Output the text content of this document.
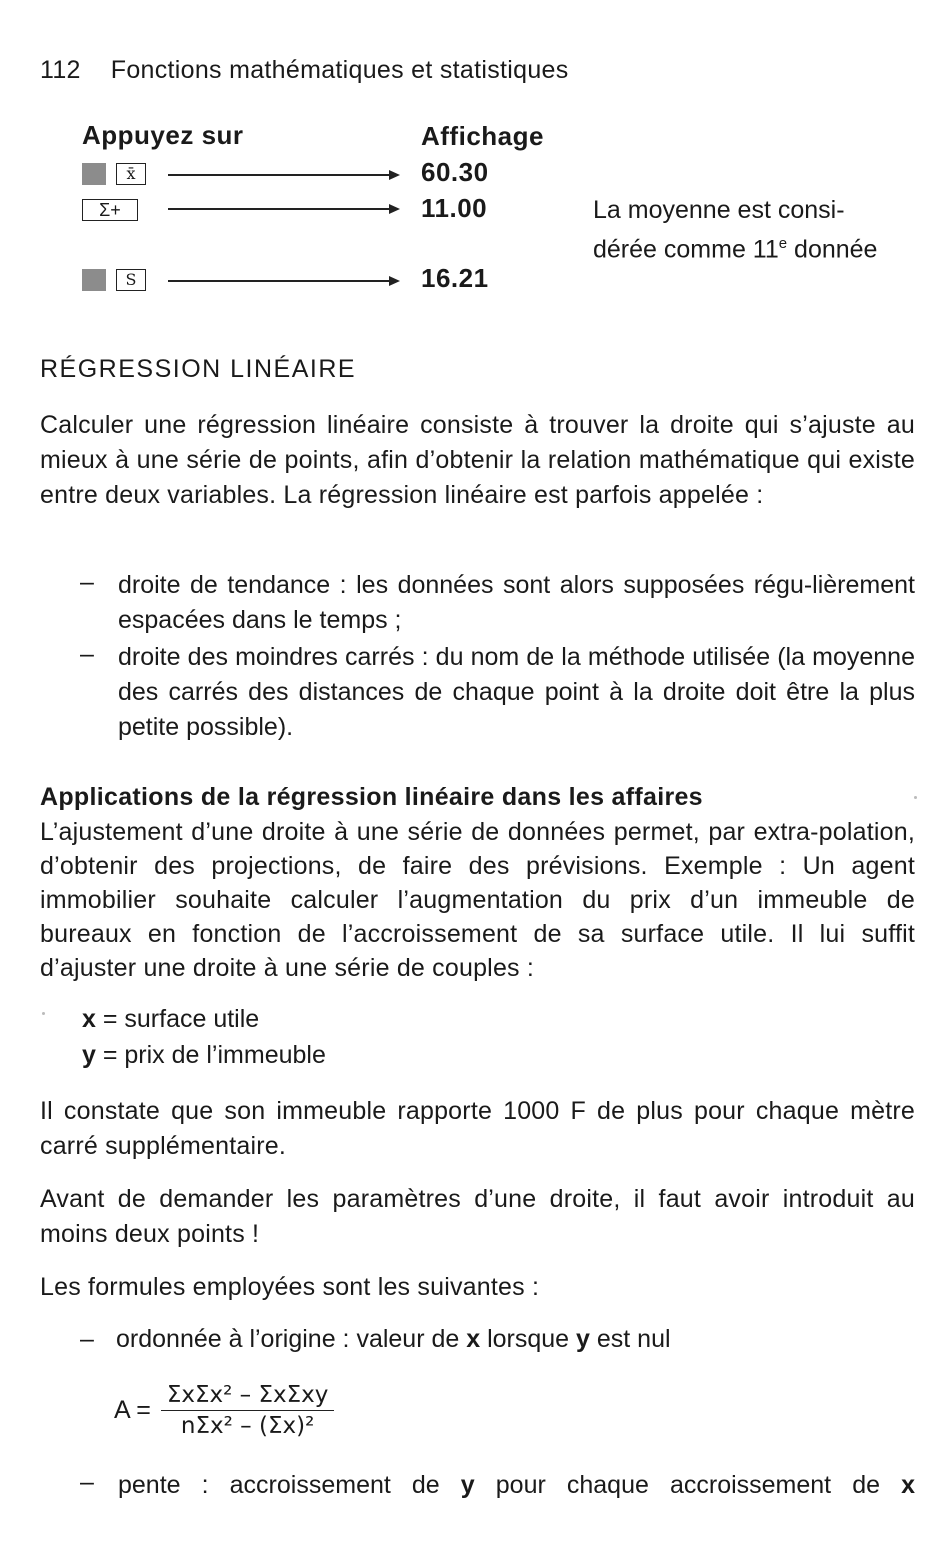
112 Fonctions mathématiques et statistiques
Appuyez sur	Affichage
x̄	60.30
Σ+	11.00	La moyenne est consi-
dérée comme 11e donnée
S	16.21
RÉGRESSION LINÉAIRE
Calculer une régression linéaire consiste à trouver la droite qui s’ajuste au mieux à une série de points, afin d’obtenir la relation mathématique qui existe entre deux variables. La régression linéaire est parfois appelée :
– droite de tendance : les données sont alors supposées régu-lièrement espacées dans le temps ;
– droite des moindres carrés : du nom de la méthode utilisée (la moyenne des carrés des distances de chaque point à la droite doit être la plus petite possible).
Applications de la régression linéaire dans les affaires
L’ajustement d’une droite à une série de données permet, par extra-polation, d’obtenir des projections, de faire des prévisions. Exemple : Un agent immobilier souhaite calculer l’augmentation du prix d’un immeuble de bureaux en fonction de l’accroissement de sa surface utile. Il lui suffit d’ajuster une droite à une série de couples :
x = surface utile
y = prix de l’immeuble
Il constate que son immeuble rapporte 1000 F de plus pour chaque mètre carré supplémentaire.
Avant de demander les paramètres d’une droite, il faut avoir introduit au moins deux points !
Les formules employées sont les suivantes :
– ordonnée à l’origine : valeur de x lorsque y est nul
$A = \frac{\text{ΣxΣx² – ΣxΣxy}}{\text{nΣx² – (Σx)²}}$
– pente : accroissement de y pour chaque accroissement de x
